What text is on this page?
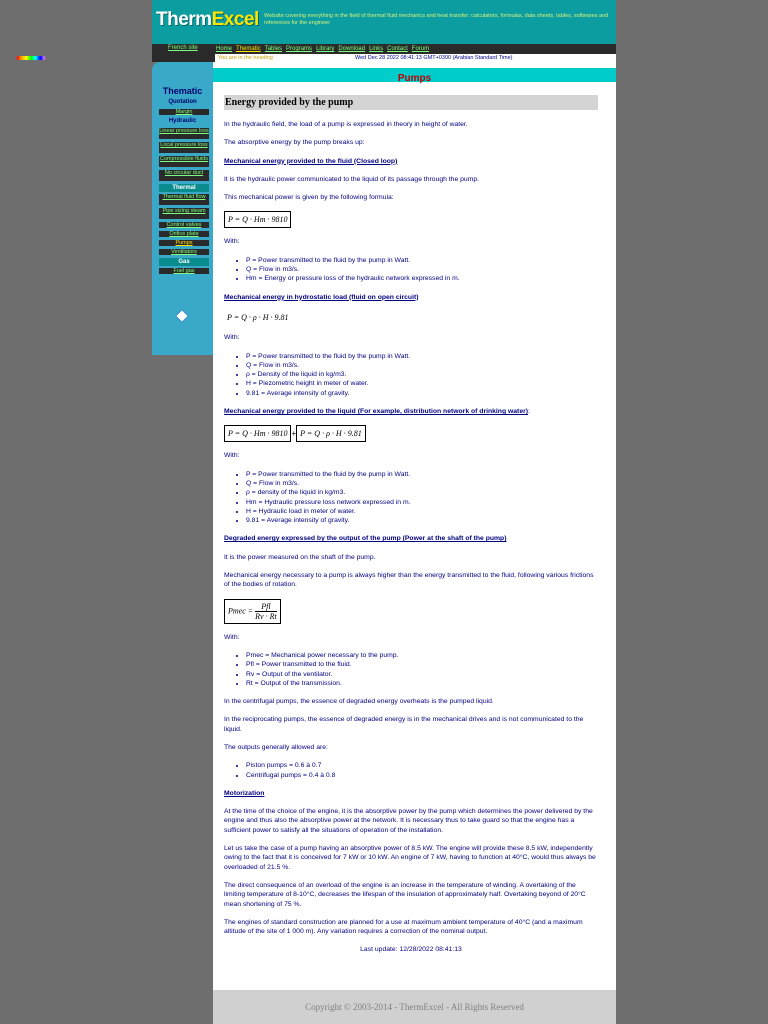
ThermExcel Website covering everything in the field of thermal fluid mechanics and heat transfer: calculators, formulas, data sheets, tables, softwares and references for the engineer
French site	Home Thematic Tables Programs Library Download Links Contact Forum
You are in the heading	Wed Dec 28 2022 08:41:13 GMT+0300 (Arabian Standard Time)
Thematic
Quotation
Margin
Hydraulic
Linear pressure loss
Local pressure loss
Compressible fluids
No circular duct
Thermal
Thermal fluid flow
Pipe sizing steam
Control valves
Orifice plate
Pumps
Ventilators
Gas
Fuel gas
Pumps
Energy provided by the pump

In the hydraulic field, the load of a pump is expressed in theory in height of water.

The absorptive energy by the pump breaks up:

Mechanical energy provided to the fluid (Closed loop)

It is the hydraulic power communicated to the liquid of its passage through the pump.

This mechanical power is given by the following formula:

P = Q · Hm · 9810

With:

• P = Power transmitted to the fluid by the pump in Watt.
• Q = Flow in m3/s.
• Hm = Energy or pressure loss of the hydraulic network expressed in m.

Mechanical energy in hydrostatic load (fluid on open circuit)

P = Q · ρ · H · 9.81

With:

• P = Power transmitted to the fluid by the pump in Watt.
• Q = Flow in m3/s.
• ρ = Density of the liquid in kg/m3.
• H = Piezometric height in meter of water.
• 9.81 = Average intensity of gravity.

Mechanical energy provided to the liquid (For example, distribution network of drinking water):

P = Q · Hm · 9810 + P = Q · ρ · H · 9.81

With:

• P = Power transmitted to the fluid by the pump in Watt.
• Q = Flow in m3/s.
• ρ = density of the liquid in kg/m3.
• Hm = Hydraulic pressure loss network expressed in m.
• H = Hydraulic load in meter of water.
• 9.81 = Average intensity of gravity.

Degraded energy expressed by the output of the pump (Power at the shaft of the pump)

It is the power measured on the shaft of the pump.

Mechanical energy necessary to a pump is always higher than the energy transmitted to the fluid, following various frictions of the bodies of rotation.

Pmec = $\frac{\text{Pfl}}{Rv \cdot Rt}$

With:

• Pmec = Mechanical power necessary to the pump.
• Pfl = Power transmitted to the fluid.
• Rv = Output of the ventilator.
• Rt = Output of the transmission.

In the centrifugal pumps, the essence of degraded energy overheats is the pumped liquid.

In the reciprocating pumps, the essence of degraded energy is in the mechanical drives and is not communicated to the liquid.

The outputs generally allowed are:

• Piston pumps = 0.6 à 0.7
• Centrifugal pumps = 0.4 à 0.8

Motorization

At the time of the choice of the engine, it is the absorptive power by the pump which determines the power delivered by the engine and thus also the absorptive power at the network. It is necessary thus to take guard so that the engine has a sufficient power to satisfy all the situations of operation of the installation.

Let us take the case of a pump having an absorptive power of 8.5 kW. The engine will provide these 8.5 kW, independently owing to the fact that it is conceived for 7 kW or 10 kW. An engine of 7 kW, having to function at 40°C, would thus always be overloaded of 21.5 %.

The direct consequence of an overload of the engine is an increase in the temperature of winding. A overtaking of the limiting temperature of 8-10°C, decreases the lifespan of the insulation of approximately half. Overtaking beyond of 20°C mean shortening of 75 %.

The engines of standard construction are planned for a use at maximum ambient temperature of 40°C (and a maximum altitude of the site of 1 000 m). Any variation requires a correction of the nominal output.

Last update: 12/28/2022 08:41:13
Copyright © 2003-2014 - ThermExcel - All Rights Reserved
